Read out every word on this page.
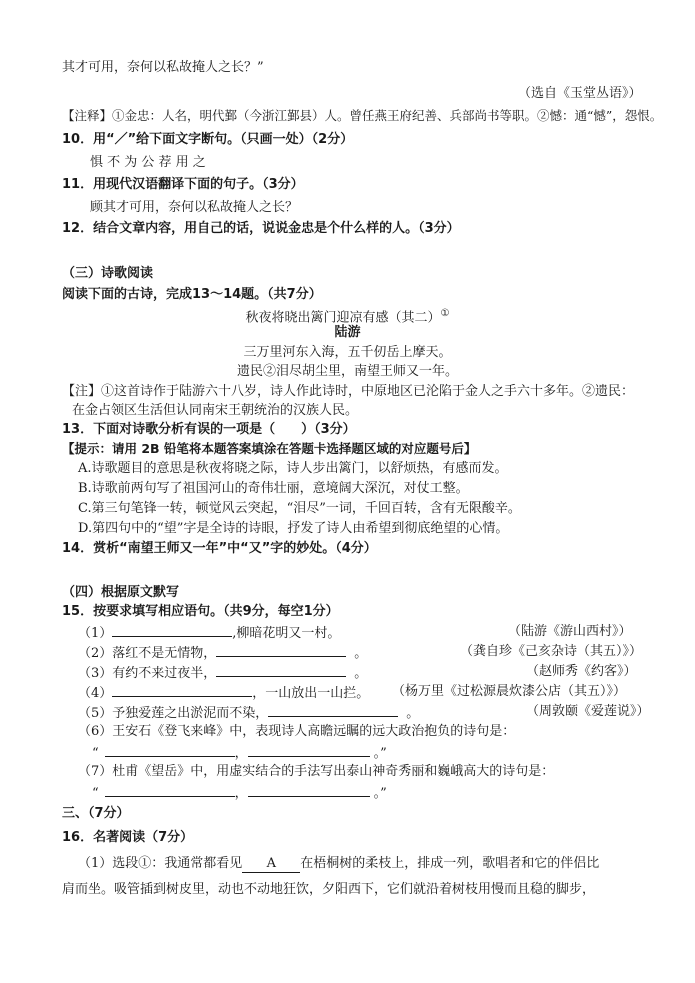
其才可用，奈何以私故掩人之长？”
（选自《玉堂丛语》）
【注释】①金忠：人名，明代鄞（今浙江鄞县）人。曾任燕王府纪善、兵部尚书等职。②憾：通“憾”，怨恨。
10．用“／”给下面文字断句。（只画一处）（2分）
惧 不 为 公 荐 用 之
11．用现代汉语翻译下面的句子。（3分）
顾其才可用，奈何以私故掩人之长？
12．结合文章内容，用自己的话，说说金忠是个什么样的人。（3分）
（三）诗歌阅读
阅读下面的古诗，完成13～14题。（共7分）
秋夜将晓出篱门迎凉有感（其二）①
陆游
三万里河东入海，五千仞岳上摩天。
遗民②泪尽胡尘里，南望王师又一年。
【注】①这首诗作于陆游六十八岁，诗人作此诗时，中原地区已沦陷于金人之手六十多年。②遗民：
在金占领区生活但认同南宋王朝统治的汉族人民。
13．下面对诗歌分析有误的一项是（　　）（3分）
【提示：请用 2B 铅笔将本题答案填涂在答题卡选择题区域的对应题号后】
A.诗歌题目的意思是秋夜将晓之际，诗人步出篱门，以舒烦热，有感而发。
B.诗歌前两句写了祖国河山的奇伟壮丽，意境阔大深沉，对仗工整。
C.第三句笔锋一转，顿觉风云突起，“泪尽”一词，千回百转，含有无限酸辛。
D.第四句中的“望”字是全诗的诗眼，抒发了诗人由希望到彻底绝望的心情。
14．赏析“南望王师又一年”中“又”字的妙处。（4分）
（四）根据原文默写
15．按要求填写相应语句。（共9分，每空1分）
（1）	,柳暗花明又一村。	（陆游《游山西村》）
（2）落红不是无情物，	。	（龚自珍《己亥杂诗（其五）》）
（3）有约不来过夜半，	。	（赵师秀《约客》）
（4）	，一山放出一山拦。 （杨万里《过松源晨炊漆公店（其五）》）
（5）予独爱莲之出淤泥而不染，	。	（周敦颐《爱莲说》）
（6）王安石《登飞来峰》中，表现诗人高瞻远瞩的远大政治抱负的诗句是：
“	，	。”
（7）杜甫《望岳》中，用虚实结合的手法写出泰山神奇秀丽和巍峨高大的诗句是：
“	，	。”
三、（7分）
16．名著阅读（7分）
（1）选段①：我通常都看见 A 在梧桐树的柔枝上，排成一列，歌唱者和它的伴侣比
肩而坐。吸管插到树皮里，动也不动地狂饮，夕阳西下，它们就沿着树枝用慢而且稳的脚步，
